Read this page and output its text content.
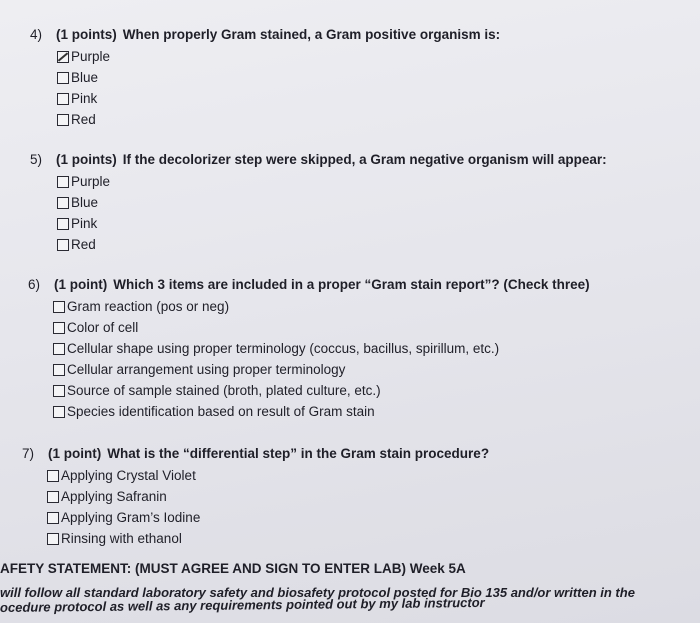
4)	(1 points) When properly Gram stained, a Gram positive organism is:
Purple
Blue
Pink
Red
5)	(1 points) If the decolorizer step were skipped, a Gram negative organism will appear:
Purple
Blue
Pink
Red
6)	(1 point) Which 3 items are included in a proper “Gram stain report”? (Check three)
Gram reaction (pos or neg)
Color of cell
Cellular shape using proper terminology (coccus, bacillus, spirillum, etc.)
Cellular arrangement using proper terminology
Source of sample stained (broth, plated culture, etc.)
Species identification based on result of Gram stain
7)	(1 point) What is the “differential step” in the Gram stain procedure?
Applying Crystal Violet
Applying Safranin
Applying Gram’s Iodine
Rinsing with ethanol
AFETY STATEMENT: (MUST AGREE AND SIGN TO ENTER LAB) Week 5A
will follow all standard laboratory safety and biosafety protocol posted for Bio 135 and/or written in the
ocedure protocol as well as any requirements pointed out by my lab instructor
